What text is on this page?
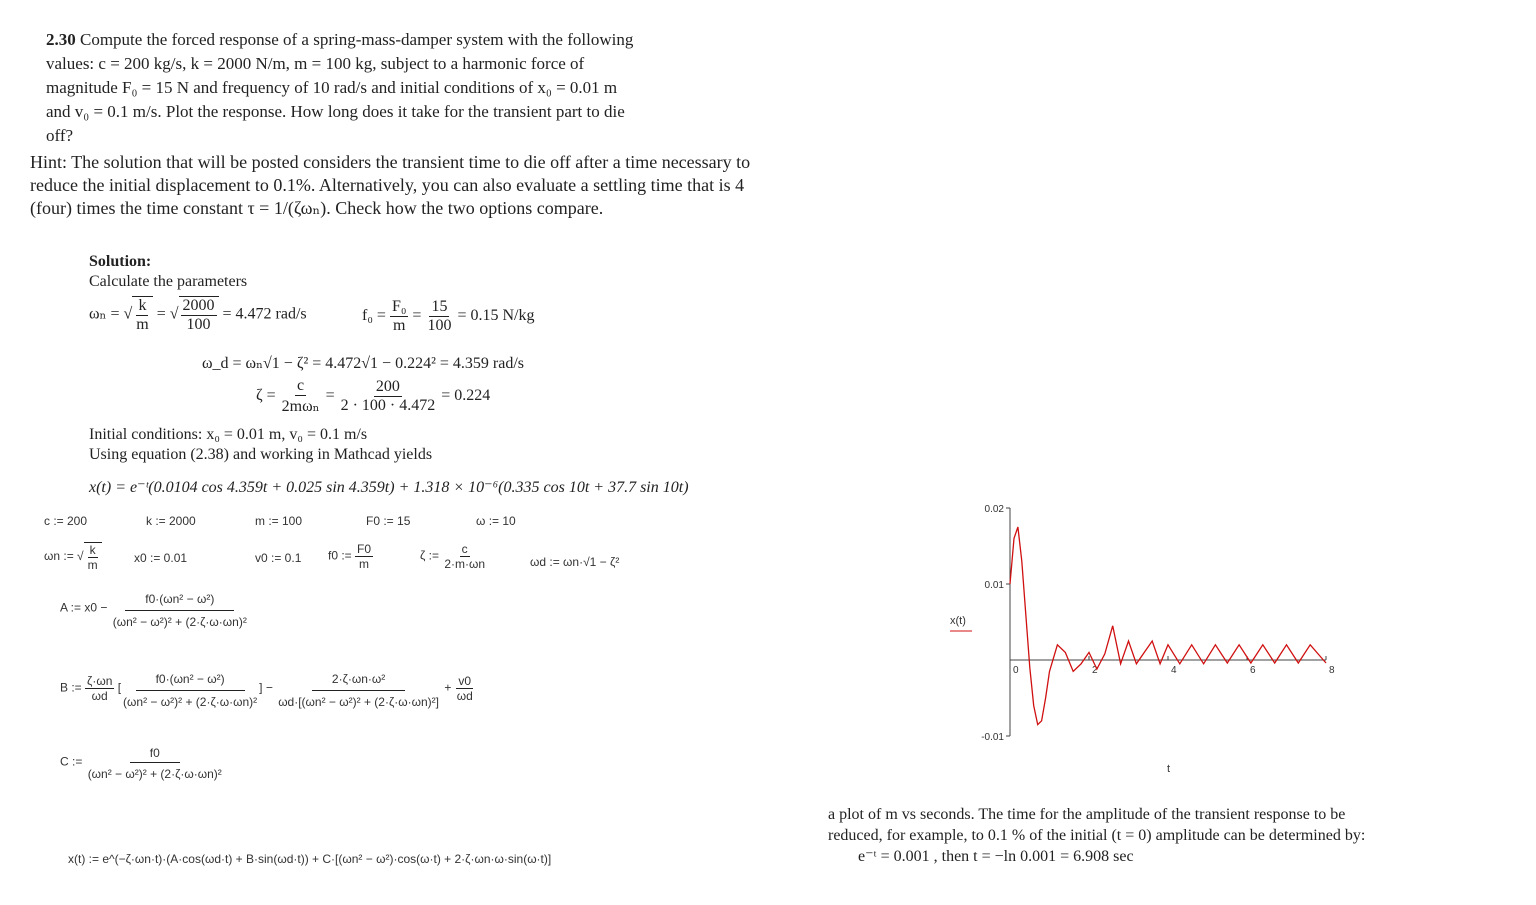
2.30 Compute the forced response of a spring-mass-damper system with the following
values: c = 200 kg/s, k = 2000 N/m, m = 100 kg, subject to a harmonic force of
magnitude F₀ = 15 N and frequency of 10 rad/s and initial conditions of x₀ = 0.01 m
and v₀ = 0.1 m/s. Plot the response. How long does it take for the transient part to die
off?
Hint: The solution that will be posted considers the transient time to die off after a time necessary to reduce the initial displacement to 0.1%. Alternatively, you can also evaluate a settling time that is 4 (four) times the time constant τ = 1/(ζωₙ). Check how the two options compare.
Solution:
Calculate the parameters
ωₙ = √ $\frac{k}{m}$ = √ $\frac{2000}{100} = 4.472$ rad/s	$f_0 = \frac{\text{F₀}}{m} = \frac{15}{100} = 0.15$ N/kg
ω_d = ωₙ√1 − ζ² = 4.472√1 − 0.224² = 4.359 rad/s
$\zeta = \frac{c}{\text{2mωₙ}} = \frac{200}{2 \cdot 100 \cdot 4.472} = 0.224$
Initial conditions: x₀ = 0.01 m, v₀ = 0.1 m/s
Using equation (2.38) and working in Mathcad yields
x(t) = e⁻ᵗ(0.0104 cos 4.359t + 0.025 sin 4.359t) + 1.318 × 10⁻⁶(0.335 cos 10t + 37.7 sin 10t)
c := 200	k := 2000	m := 100	F0 := 15	ω := 10
ωn := √ $\frac{k}{m}$	x0 := 0.01	v0 := 0.1 f0 := $\frac{F0}{m}$	ζ := $\frac{c}{2\cdot m\cdot\omega n}$	ωd := ωn·√1 − ζ²
A := $x0 - \frac{\text{f0·(ωn² − ω²)}}{\text{(ωn² − ω²)² + (2·ζ·ω·ωn)²}}$
B := $\frac{\zeta\cdot\omega n}{\omega d}$ [ $\frac{\text{f0·(ωn² − ω²)}}{\text{(ωn² − ω²)² + (2·ζ·ω·ωn)²}}$ ] − $\frac{\text{2·ζ·ωn·ω²}}{\text{ωd·[(ωn² − ω²)² + (2·ζ·ω·ωn)²]}} + \frac{v0}{\omega d}$
C := $\frac{f0}{\text{(ωn² − ω²)² + (2·ζ·ω·ωn)²}}$
x(t) := e^(−ζ·ωn·t)·(A·cos(ωd·t) + B·sin(ωd·t)) + C·[(ωn² − ω²)·cos(ω·t) + 2·ζ·ωn·ω·sin(ω·t)]
x(t)
t
0.02
0.01
-0.01
0	2	4	6	8
a plot of m vs seconds. The time for the amplitude of the transient response to be
reduced, for example, to 0.1 % of the initial (t = 0) amplitude can be determined by:
e⁻ᵗ = 0.001 , then t = −ln 0.001 = 6.908 sec
